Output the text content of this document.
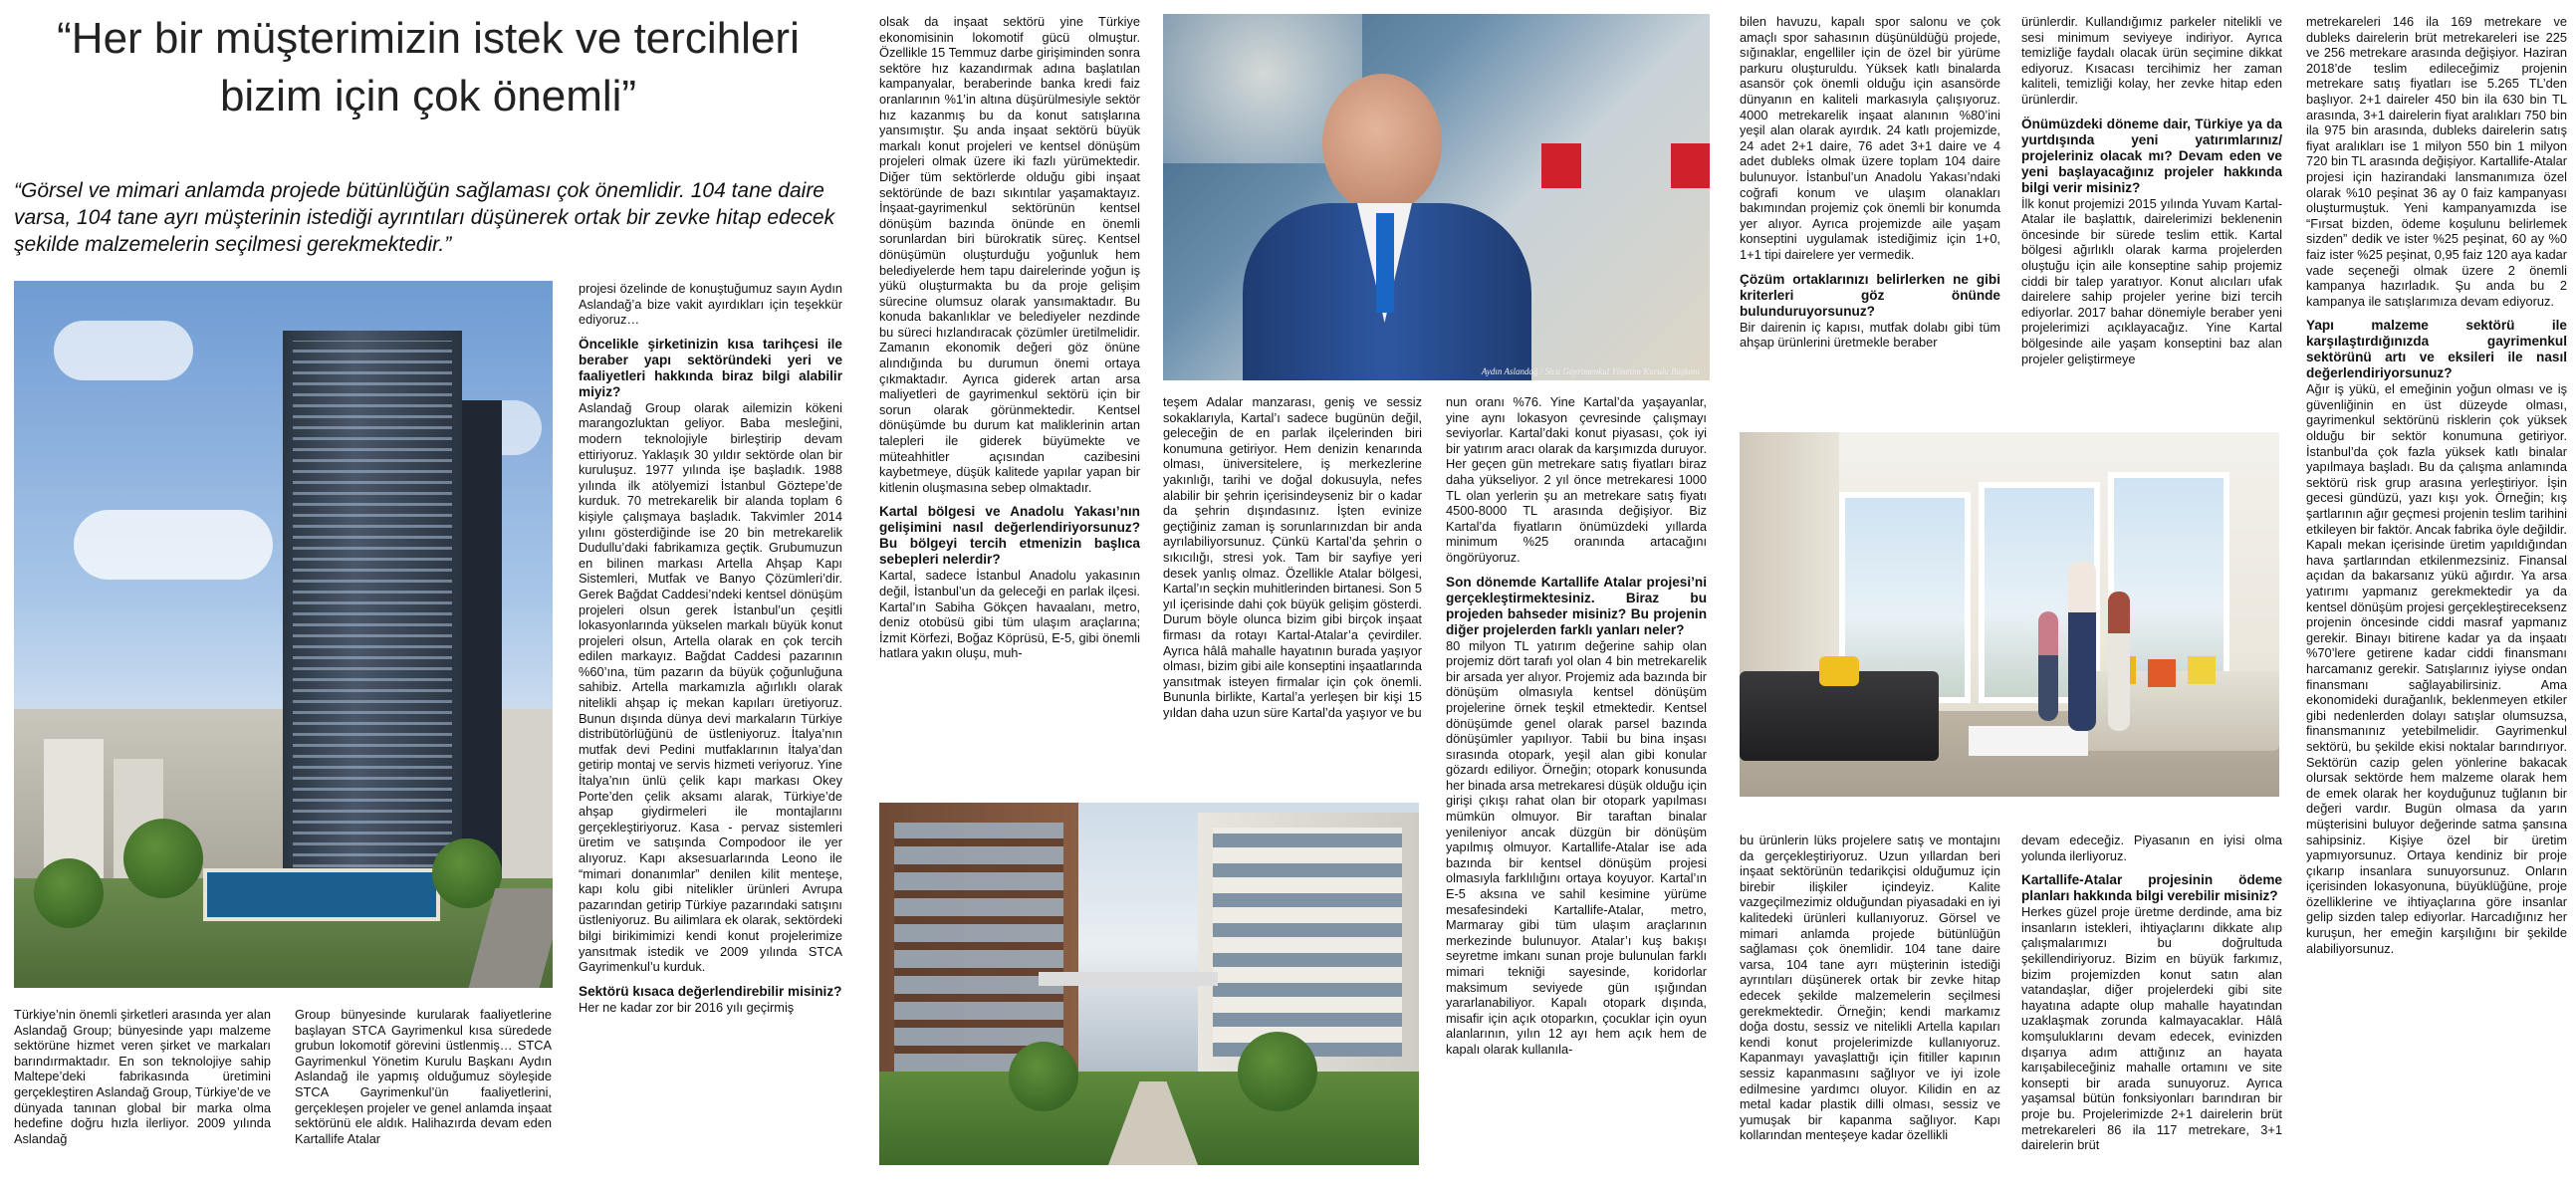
“Her bir müşterimizin istek ve tercihleri bizim için çok önemli”
“Görsel ve mimari anlamda projede bütünlüğün sağlaması çok önemlidir. 104 tane daire varsa, 104 tane ayrı müşterinin istediği ayrıntıları düşünerek ortak bir zevke hitap edecek şekilde malzemelerin seçilmesi gerekmektedir.”

Türkiye’nin önemli şirketleri arasında yer alan Aslandağ Group; bünyesinde yapı malzeme sektörüne hizmet veren şirket ve markaları barındırmaktadır. En son teknolojiye sahip Maltepe’deki fabrikasında üretimini gerçekleştiren Aslandağ Group, Türkiye’de ve dünyada tanınan global bir marka olma hedefine doğru hızla ilerliyor. 2009 yılında Aslandağ

Group bünyesinde kurularak faaliyetlerine başlayan STCA Gayrimenkul kısa süredede grubun lokomotif görevini üstlenmiş… STCA Gayrimenkul Yönetim Kurulu Başkanı Aydın Aslandağ ile yapmış olduğumuz söyleşide STCA Gayrimenkul’ün faaliyetlerini, gerçekleşen projeler ve genel anlamda inşaat sektörünü ele aldık. Halihazırda devam eden Kartallife Atalar

projesi özelinde de konuştuğumuz sayın Aydın Aslandağ’a bize vakit ayırdıkları için teşekkür ediyoruz…

Öncelikle şirketinizin kısa tarihçesi ile beraber yapı sektöründeki yeri ve faaliyetleri hakkında biraz bilgi alabilir miyiz?

Aslandağ Group olarak ailemizin kökeni marangozluktan geliyor. Baba mesleğini, modern teknolojiyle birleştirip devam ettiriyoruz. Yaklaşık 30 yıldır sektörde olan bir kuruluşuz. 1977 yılında işe başladık. 1988 yılında ilk atölyemizi İstanbul Göztepe’de kurduk. 70 metrekarelik bir alanda toplam 6 kişiyle çalışmaya başladık. Takvimler 2014 yılını gösterdiğinde ise 20 bin metrekarelik Dudullu’daki fabrikamıza geçtik. Grubumuzun en bilinen markası Artella Ahşap Kapı Sistemleri, Mutfak ve Banyo Çözümleri’dir. Gerek Bağdat Caddesi’ndeki kentsel dönüşüm projeleri olsun gerek İstanbul’un çeşitli lokasyonlarında yükselen markalı büyük konut projeleri olsun, Artella olarak en çok tercih edilen markayız. Bağdat Caddesi pazarının %60’ına, tüm pazarın da büyük çoğunluğuna sahibiz. Artella markamızla ağırlıklı olarak nitelikli ahşap iç mekan kapıları üretiyoruz. Bunun dışında dünya devi markaların Türkiye distribütörlüğünü de üstleniyoruz. İtalya’nın mutfak devi Pedini mutfaklarının İtalya’dan getirip montaj ve servis hizmeti veriyoruz. Yine İtalya’nın ünlü çelik kapı markası Okey Porte’den çelik aksamı alarak, Türkiye’de ahşap giydirmeleri ile montajlarını gerçekleştiriyoruz. Kasa - pervaz sistemleri üretim ve satışında Compodoor ile yer alıyoruz. Kapı aksesuarlarında Leono ile “mimari donanımlar” denilen kilit menteşe, kapı kolu gibi nitelikler ürünleri Avrupa pazarından getirip Türkiye pazarındaki satışını üstleniyoruz. Bu ailimlara ek olarak, sektördeki bilgi birikimimizi kendi konut projelerimize yansıtmak istedik ve 2009 yılında STCA Gayrimenkul’u kurduk.

Sektörü kısaca değerlendirebilir misiniz?

Her ne kadar zor bir 2016 yılı geçirmiş

olsak da inşaat sektörü yine Türkiye ekonomisinin lokomotif gücü olmuştur. Özellikle 15 Temmuz darbe girişiminden sonra sektöre hız kazandırmak adına başlatılan kampanyalar, beraberinde banka kredi faiz oranlarının %1’in altına düşürülmesiyle sektör hız kazanmış bu da konut satışlarına yansımıştır. Şu anda inşaat sektörü büyük markalı konut projeleri ve kentsel dönüşüm projeleri olmak üzere iki fazlı yürümektedir. Diğer tüm sektörlerde olduğu gibi inşaat sektöründe de bazı sıkıntılar yaşamaktayız. İnşaat-gayrimenkul sektörünün kentsel dönüşüm bazında önünde en önemli sorunlardan biri bürokratik süreç. Kentsel dönüşümün oluşturduğu yoğunluk hem belediyelerde hem tapu dairelerinde yoğun iş yükü oluşturmakta bu da proje gelişim sürecine olumsuz olarak yansımaktadır. Bu konuda bakanlıklar ve belediyeler nezdinde bu süreci hızlandıracak çözümler üretilmelidir. Zamanın ekonomik değeri göz önüne alındığında bu durumun önemi ortaya çıkmaktadır. Ayrıca giderek artan arsa maliyetleri de gayrimenkul sektörü için bir sorun olarak görünmektedir. Kentsel dönüşümde bu durum kat maliklerinin artan talepleri ile giderek büyümekte ve müteahhitler açısından cazibesini kaybetmeye, düşük kalitede yapılar yapan bir kitlenin oluşmasına sebep olmaktadır.

Kartal bölgesi ve Anadolu Yakası’nın gelişimini nasıl değerlendiriyorsunuz? Bu bölgeyi tercih etmenizin başlıca sebepleri nelerdir?

Kartal, sadece İstanbul Anadolu yakasının değil, İstanbul’un da geleceği en parlak ilçesi. Kartal’ın Sabiha Gökçen havaalanı, metro, deniz otobüsü gibi tüm ulaşım araçlarına; İzmit Körfezi, Boğaz Köprüsü, E-5, gibi önemli hatlara yakın oluşu, muh-

Aydın Aslandağ / Stca Gayrimenkul Yönetim Kurulu Başkanı

teşem Adalar manzarası, geniş ve sessiz sokaklarıyla, Kartal’ı sadece bugünün değil, geleceğin de en parlak ilçelerinden biri konumuna getiriyor. Hem denizin kenarında olması, üniversitelere, iş merkezlerine yakınlığı, tarihi ve doğal dokusuyla, nefes alabilir bir şehrin içerisindeyseniz bir o kadar da şehrin dışındasınız. İşten evinize geçtiğiniz zaman iş sorunlarınızdan bir anda ayrılabiliyorsunuz. Çünkü Kartal’da şehrin o sıkıcılığı, stresi yok. Tam bir sayfiye yeri desek yanlış olmaz. Özellikle Atalar bölgesi, Kartal’ın seçkin muhitlerinden birtanesi. Son 5 yıl içerisinde dahi çok büyük gelişim gösterdi. Durum böyle olunca bizim gibi birçok inşaat firması da rotayı Kartal-Atalar’a çevirdiler. Ayrıca hâlâ mahalle hayatının burada yaşıyor olması, bizim gibi aile konseptini inşaatlarında yansıtmak isteyen firmalar için çok önemli. Bununla birlikte, Kartal’a yerleşen bir kişi 15 yıldan daha uzun süre Kartal’da yaşıyor ve bu

nun oranı %76. Yine Kartal’da yaşayanlar, yine aynı lokasyon çevresinde çalışmayı seviyorlar. Kartal’daki konut piyasası, çok iyi bir yatırım aracı olarak da karşımızda duruyor. Her geçen gün metrekare satış fiyatları biraz daha yükseliyor. 2 yıl önce metrekaresi 1000 TL olan yerlerin şu an metrekare satış fiyatı 4500-8000 TL arasında değişiyor. Biz Kartal’da fiyatların önümüzdeki yıllarda minimum %25 oranında artacağını öngörüyoruz.

Son dönemde Kartallife Atalar projesi’ni gerçekleştirmektesiniz. Biraz bu projeden bahseder misiniz? Bu projenin diğer projelerden farklı yanları neler?

80 milyon TL yatırım değerine sahip olan projemiz dört tarafı yol olan 4 bin metrekarelik bir arsada yer alıyor. Projemiz ada bazında bir dönüşüm olmasıyla kentsel dönüşüm projelerine örnek teşkil etmektedir. Kentsel dönüşümde genel olarak parsel bazında dönüşümler yapılıyor. Tabii bu bina inşası sırasında otopark, yeşil alan gibi konular gözardı ediliyor. Örneğin; otopark konusunda her binada arsa metrekaresi düşük olduğu için girişi çıkışı rahat olan bir otopark yapılması mümkün olmuyor. Bir taraftan binalar yenileniyor ancak düzgün bir dönüşüm yapılmış olmuyor. Kartallife-Atalar ise ada bazında bir kentsel dönüşüm projesi olmasıyla farklılığını ortaya koyuyor. Kartal’ın E-5 aksına ve sahil kesimine yürüme mesafesindeki Kartallife-Atalar, metro, Marmaray gibi tüm ulaşım araçlarının merkezinde bulunuyor. Atalar’ı kuş bakışı seyretme imkanı sunan proje bulunulan farklı mimari tekniği sayesinde, koridorlar maksimum seviyede gün ışığından yararlanabiliyor. Kapalı otopark dışında, misafir için açık otoparkın, çocuklar için oyun alanlarının, yılın 12 ayı hem açık hem de kapalı olarak kullanıla-

bilen havuzu, kapalı spor salonu ve çok amaçlı spor sahasının düşünüldüğü projede, sığınaklar, engelliler için de özel bir yürüme parkuru oluşturuldu. Yüksek katlı binalarda asansör çok önemli olduğu için asansörde dünyanın en kaliteli markasıyla çalışıyoruz. 4000 metrekarelik inşaat alanının %80’ini yeşil alan olarak ayırdık. 24 katlı projemizde, 24 adet 2+1 daire, 76 adet 3+1 daire ve 4 adet dubleks olmak üzere toplam 104 daire bulunuyor. İstanbul’un Anadolu Yakası’ndaki coğrafi konum ve ulaşım olanakları bakımından projemiz çok önemli bir konumda yer alıyor. Ayrıca projemizde aile yaşam konseptini uygulamak istediğimiz için 1+0, 1+1 tipi dairelere yer vermedik.

Çözüm ortaklarınızı belirlerken ne gibi kriterleri göz önünde bulunduruyorsunuz?

Bir dairenin iç kapısı, mutfak dolabı gibi tüm ahşap ürünlerini üretmekle beraber

ürünlerdir. Kullandığımız parkeler nitelikli ve sesi minimum seviyeye indiriyor. Ayrıca temizliğe faydalı olacak ürün seçimine dikkat ediyoruz. Kısacası tercihimiz her zaman kaliteli, temizliği kolay, her zevke hitap eden ürünlerdir.

Önümüzdeki döneme dair, Türkiye ya da yurtdışında yeni yatırımlarınız/ projeleriniz olacak mı? Devam eden ve yeni başlayacağınız projeler hakkında bilgi verir misiniz?

İlk konut projemizi 2015 yılında Yuvam Kartal-Atalar ile başlattık, dairelerimizi beklenenin öncesinde bir sürede teslim ettik. Kartal bölgesi ağırlıklı olarak karma projelerden oluştuğu için aile konseptine sahip projemiz ciddi bir talep yaratıyor. Konut alıcıları ufak dairelere sahip projeler yerine bizi tercih ediyorlar. 2017 bahar dönemiyle beraber yeni projelerimizi açıklayacağız. Yine Kartal bölgesinde aile yaşam konseptini baz alan projeler geliştirmeye

bu ürünlerin lüks projelere satış ve montajını da gerçekleştiriyoruz. Uzun yıllardan beri inşaat sektörünün tedarikçisi olduğumuz için birebir ilişkiler içindeyiz. Kalite vazgeçilmezimiz olduğundan piyasadaki en iyi kalitedeki ürünleri kullanıyoruz. Görsel ve mimari anlamda projede bütünlüğün sağlaması çok önemlidir. 104 tane daire varsa, 104 tane ayrı müşterinin istediği ayrıntıları düşünerek ortak bir zevke hitap edecek şekilde malzemelerin seçilmesi gerekmektedir. Örneğin; kendi markamız doğa dostu, sessiz ve nitelikli Artella kapıları kendi konut projelerimizde kullanıyoruz. Kapanmayı yavaşlattığı için fitiller kapının sessiz kapanmasını sağlıyor ve iyi izole edilmesine yardımcı oluyor. Kilidin en az metal kadar plastik dilli olması, sessiz ve yumuşak bir kapanma sağlıyor. Kapı kollarından menteşeye kadar özellikli

devam edeceğiz. Piyasanın en iyisi olma yolunda ilerliyoruz.

Kartallife-Atalar projesinin ödeme planları hakkında bilgi verebilir misiniz?

Herkes güzel proje üretme derdinde, ama biz insanların istekleri, ihtiyaçlarını dikkate alıp çalışmalarımızı bu doğrultuda şekillendiriyoruz. Bizim en büyük farkımız, bizim projemizden konut satın alan vatandaşlar, diğer projelerdeki gibi site hayatına adapte olup mahalle hayatından uzaklaşmak zorunda kalmayacaklar. Hâlâ komşuluklarını devam edecek, evinizden dışarıya adım attığınız an hayata karışabileceğiniz mahalle ortamını ve site konsepti bir arada sunuyoruz. Ayrıca yaşamsal bütün fonksiyonları barındıran bir proje bu. Projelerimizde 2+1 dairelerin brüt metrekareleri 86 ila 117 metrekare, 3+1 dairelerin brüt

metrekareleri 146 ila 169 metrekare ve dubleks dairelerin brüt metrekareleri ise 225 ve 256 metrekare arasında değişiyor. Haziran 2018’de teslim edileceğimiz projenin metrekare satış fiyatları ise 5.265 TL’den başlıyor. 2+1 daireler 450 bin ila 630 bin TL arasında, 3+1 dairelerin fiyat aralıkları 750 bin ila 975 bin arasında, dubleks dairelerin satış fiyat aralıkları ise 1 milyon 550 bin 1 milyon 720 bin TL arasında değişiyor. Kartallife-Atalar projesi için hazirandaki lansmanımıza özel olarak %10 peşinat 36 ay 0 faiz kampanyası oluşturmuştuk. Yeni kampanyamızda ise “Fırsat bizden, ödeme koşulunu belirlemek sizden” dedik ve ister %25 peşinat, 60 ay %0 faiz ister %25 peşinat, 0,95 faiz 120 aya kadar vade seçeneği olmak üzere 2 önemli kampanya hazırladık. Şu anda bu 2 kampanya ile satışlarımıza devam ediyoruz.

Yapı malzeme sektörü ile karşılaştırdığınızda gayrimenkul sektörünü artı ve eksileri ile nasıl değerlendiriyorsunuz?

Ağır iş yükü, el emeğinin yoğun olması ve iş güvenliğinin en üst düzeyde olması, gayrimenkul sektörünü risklerin çok yüksek olduğu bir sektör konumuna getiriyor. İstanbul’da çok fazla yüksek katlı binalar yapılmaya başladı. Bu da çalışma anlamında sektörü risk grup arasına yerleştiriyor. İşin gecesi gündüzü, yazı kışı yok. Örneğin; kış şartlarının ağır geçmesi projenin teslim tarihini etkileyen bir faktör. Ancak fabrika öyle değildir. Kapalı mekan içerisinde üretim yapıldığından hava şartlarından etkilenmezsiniz. Finansal açıdan da bakarsanız yükü ağırdır. Ya arsa yatırımı yapmanız gerekmektedir ya da kentsel dönüşüm projesi gerçekleştireceksenz projenin öncesinde ciddi masraf yapmanız gerekir. Binayı bitirene kadar ya da inşaatı %70’lere getirene kadar ciddi finansmanı harcamanız gerekir. Satışlarınız iyiyse ondan finansmanı sağlayabilirsiniz. Ama ekonomideki durağanlık, beklenmeyen etkiler gibi nedenlerden dolayı satışlar olumsuzsa, finansmanınız yetebilmelidir. Gayrimenkul sektörü, bu şekilde ekisi noktalar barındırıyor. Sektörün cazip gelen yönlerine bakacak olursak sektörde hem malzeme olarak hem de emek olarak her koyduğunuz tuğlanın bir değeri vardır. Bugün olmasa da yarın müşterisini buluyor değerinde satma şansına sahipsiniz. Kişiye özel bir üretim yapmıyorsunuz. Ortaya kendiniz bir proje çıkarıp insanlara sunuyorsunuz. Onların içerisinden lokasyonuna, büyüklüğüne, proje özelliklerine ve ihtiyaçlarına göre insanlar gelip sizden talep ediyorlar. Harcadığınız her kuruşun, her emeğin karşılığını bir şekilde alabiliyorsunuz.
